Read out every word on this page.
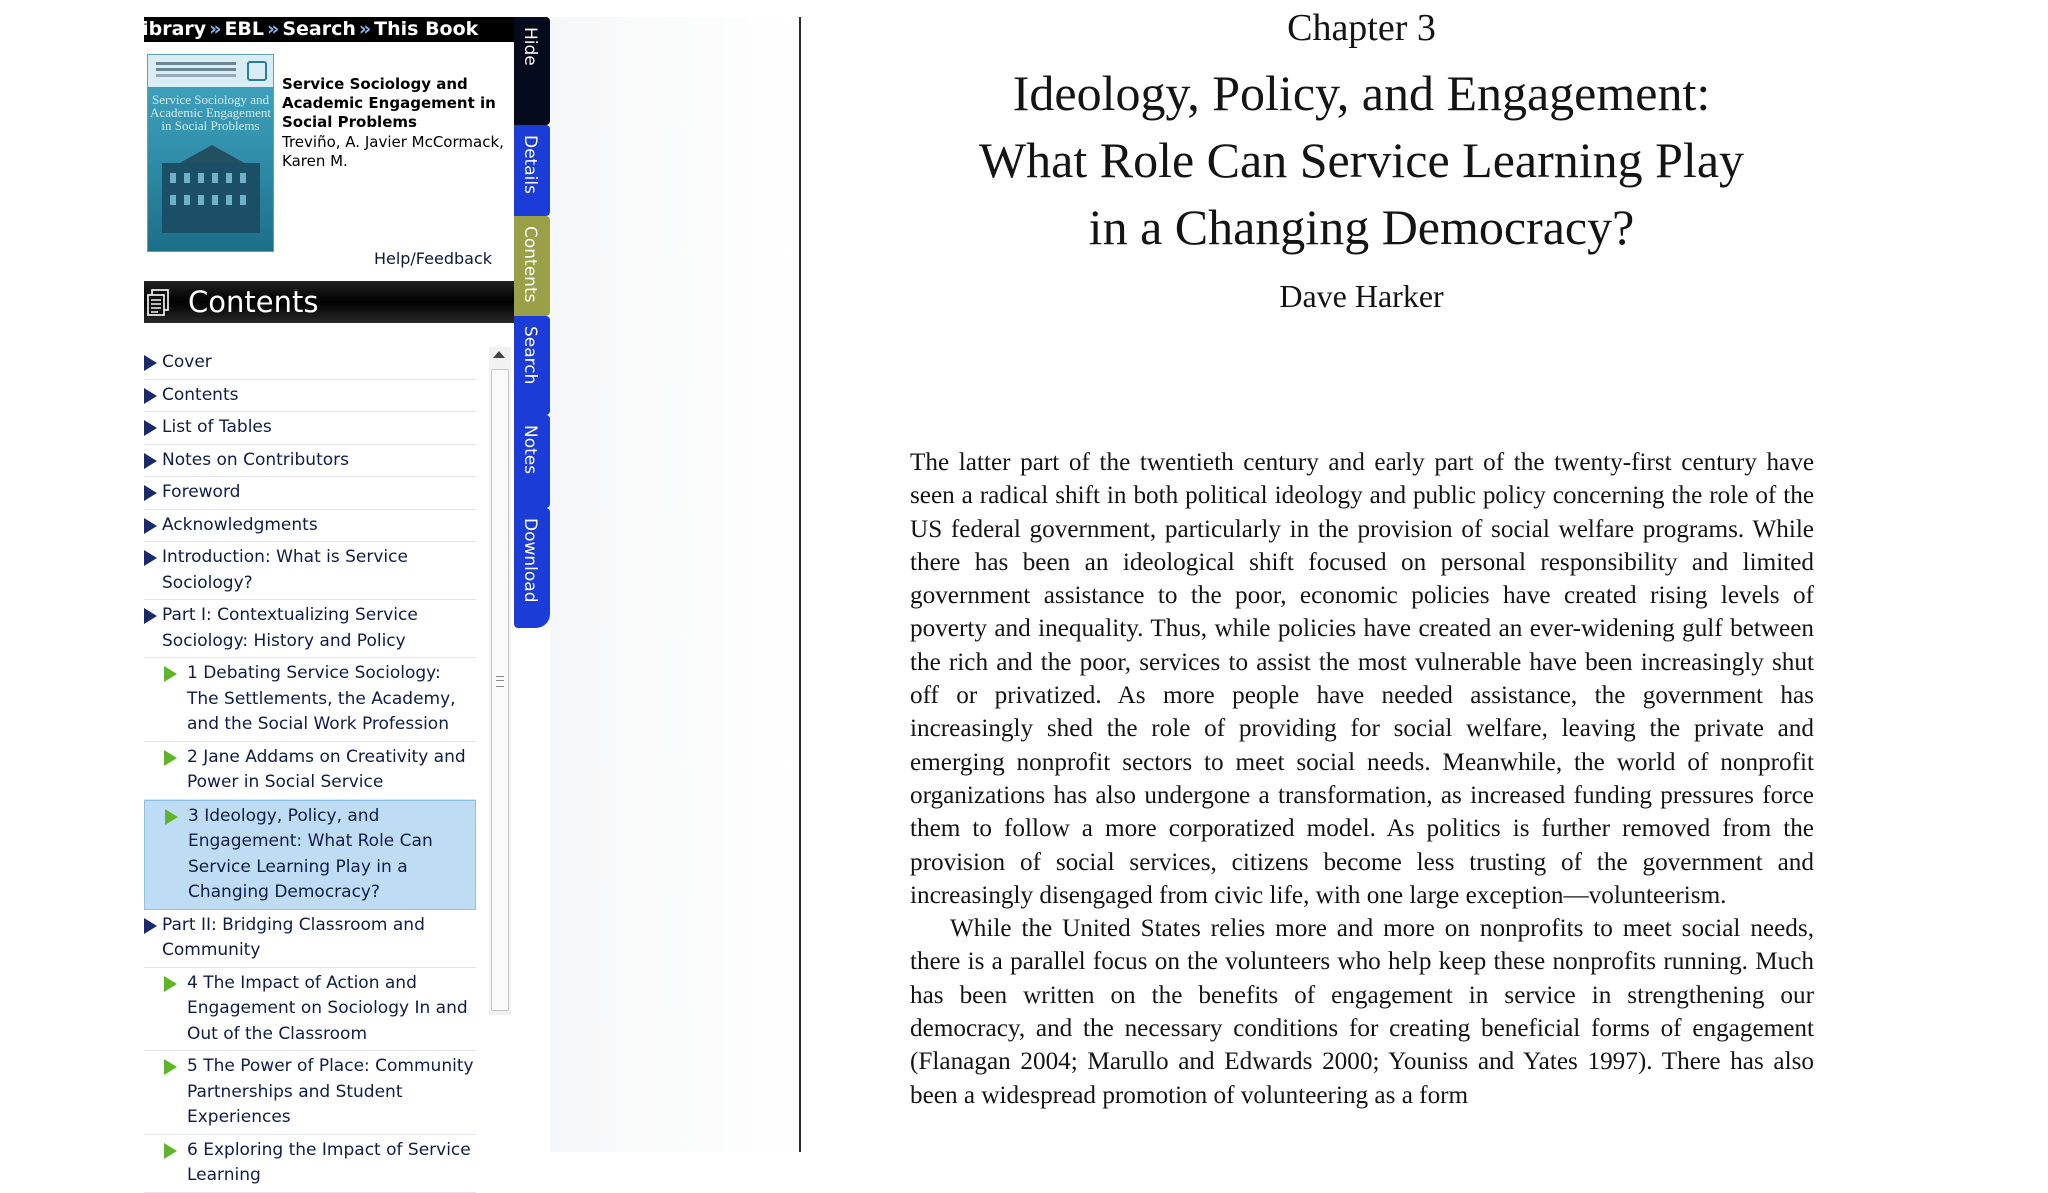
Library » EBL » Search » This Book
Service Sociology and Academic Engagement in Social Problems
Service Sociology and Academic Engagement in Social Problems
Treviño, A. Javier McCormack, Karen M.
Help/Feedback
Contents
Cover
Contents
List of Tables
Notes on Contributors
Foreword
Acknowledgments
Introduction: What is Service Sociology?
Part I: Contextualizing Service Sociology: History and Policy
1 Debating Service Sociology: The Settlements, the Academy, and the Social Work Profession
2 Jane Addams on Creativity and Power in Social Service
3 Ideology, Policy, and Engagement: What Role Can Service Learning Play in a Changing Democracy?
Part II: Bridging Classroom and Community
4 The Impact of Action and Engagement on Sociology In and Out of the Classroom
5 The Power of Place: Community Partnerships and Student Experiences
6 Exploring the Impact of Service Learning
Hide
Details
Contents
Search
Notes
Download
Chapter 3
Ideology, Policy, and Engagement:
What Role Can Service Learning Play
in a Changing Democracy?
Dave Harker

The latter part of the twentieth century and early part of the twenty-first century have seen a radical shift in both political ideology and public policy concerning the role of the US federal government, particularly in the provision of social welfare programs. While there has been an ideological shift focused on personal responsibility and limited government assistance to the poor, economic policies have created rising levels of poverty and inequality. Thus, while policies have created an ever-widening gulf between the rich and the poor, services to assist the most vulnerable have been increasingly shut off or privatized. As more people have needed assistance, the government has increasingly shed the role of providing for social welfare, leaving the private and emerging nonprofit sectors to meet social needs. Meanwhile, the world of nonprofit organizations has also undergone a transformation, as increased funding pressures force them to follow a more corporatized model. As politics is further removed from the provision of social services, citizens become less trusting of the government and increasingly disengaged from civic life, with one large exception—volunteerism.

While the United States relies more and more on nonprofits to meet social needs, there is a parallel focus on the volunteers who help keep these nonprofits running. Much has been written on the benefits of engagement in service in strengthening our democracy, and the necessary conditions for creating beneficial forms of engagement (Flanagan 2004; Marullo and Edwards 2000; Youniss and Yates 1997). There has also been a widespread promotion of volunteering as a form
